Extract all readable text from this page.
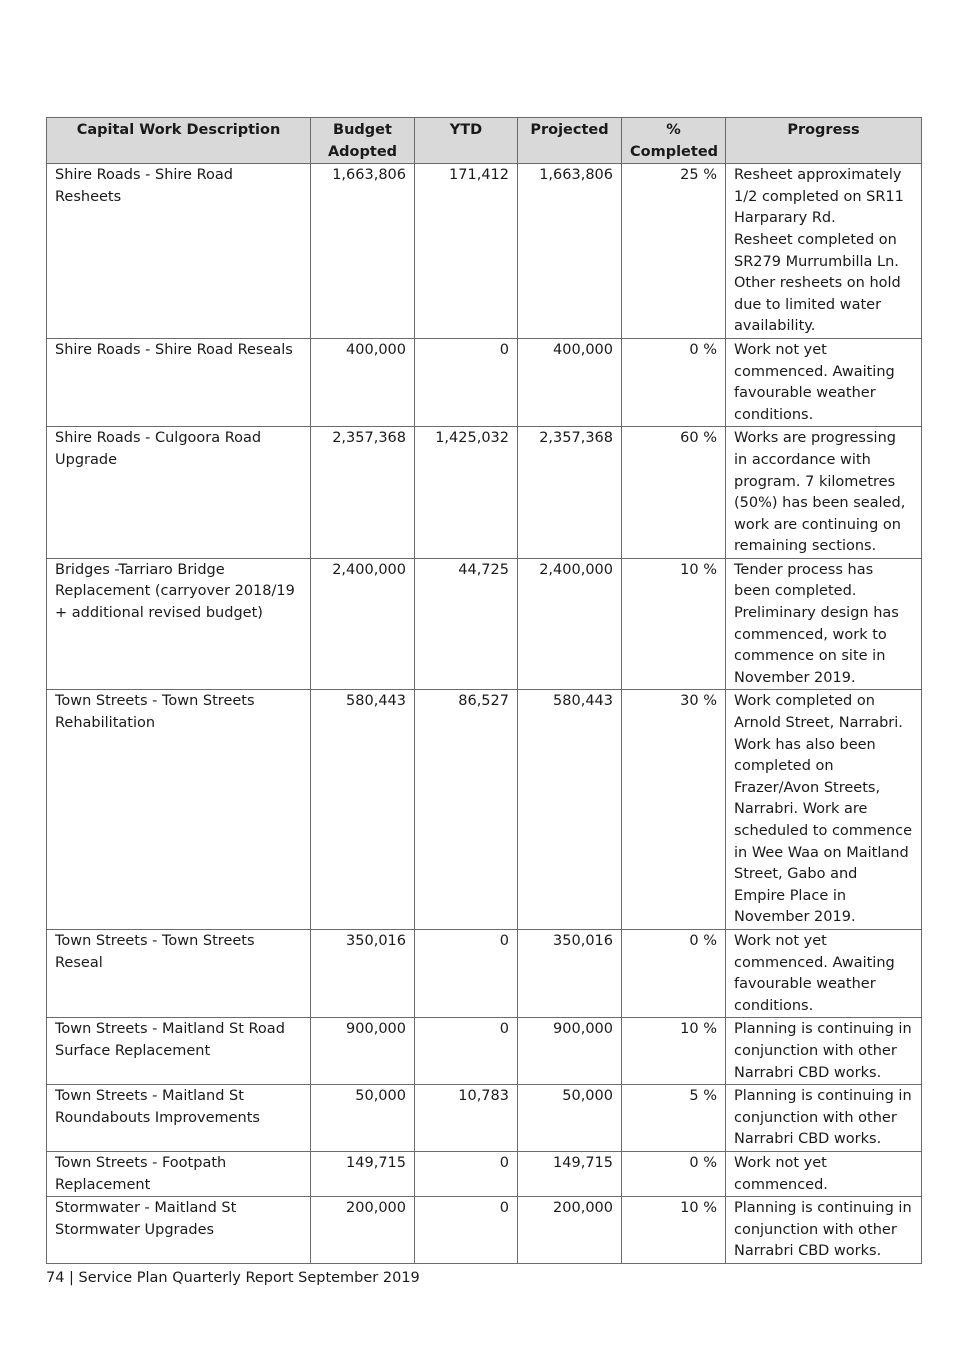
Capital Work Description	Budget Adopted	YTD	Projected	% Completed	Progress
Shire Roads - Shire Road Resheets	1,663,806	171,412	1,663,806	25 %	Resheet approximately 1/2 completed on SR11 Harparary Rd.
Resheet completed on SR279 Murrumbilla Ln. Other resheets on hold due to limited water availability.
Shire Roads - Shire Road Reseals	400,000	0	400,000	0 %	Work not yet commenced. Awaiting favourable weather conditions.
Shire Roads - Culgoora Road Upgrade	2,357,368	1,425,032	2,357,368	60 %	Works are progressing in accordance with program. 7 kilometres (50%) has been sealed, work are continuing on remaining sections.
Bridges -Tarriaro Bridge Replacement (carryover 2018/19 + additional revised budget)	2,400,000	44,725	2,400,000	10 %	Tender process has been completed. Preliminary design has commenced, work to commence on site in November 2019.
Town Streets - Town Streets Rehabilitation	580,443	86,527	580,443	30 %	Work completed on Arnold Street, Narrabri. Work has also been completed on Frazer/Avon Streets, Narrabri. Work are scheduled to commence in Wee Waa on Maitland Street, Gabo and Empire Place in November 2019.
Town Streets - Town Streets Reseal	350,016	0	350,016	0 %	Work not yet commenced. Awaiting favourable weather conditions.
Town Streets - Maitland St Road Surface Replacement	900,000	0	900,000	10 %	Planning is continuing in conjunction with other Narrabri CBD works.
Town Streets - Maitland St Roundabouts Improvements	50,000	10,783	50,000	5 %	Planning is continuing in conjunction with other Narrabri CBD works.
Town Streets - Footpath Replacement	149,715	0	149,715	0 %	Work not yet commenced.
Stormwater - Maitland St Stormwater Upgrades	200,000	0	200,000	10 %	Planning is continuing in conjunction with other Narrabri CBD works.
74 | Service Plan Quarterly Report September 2019
